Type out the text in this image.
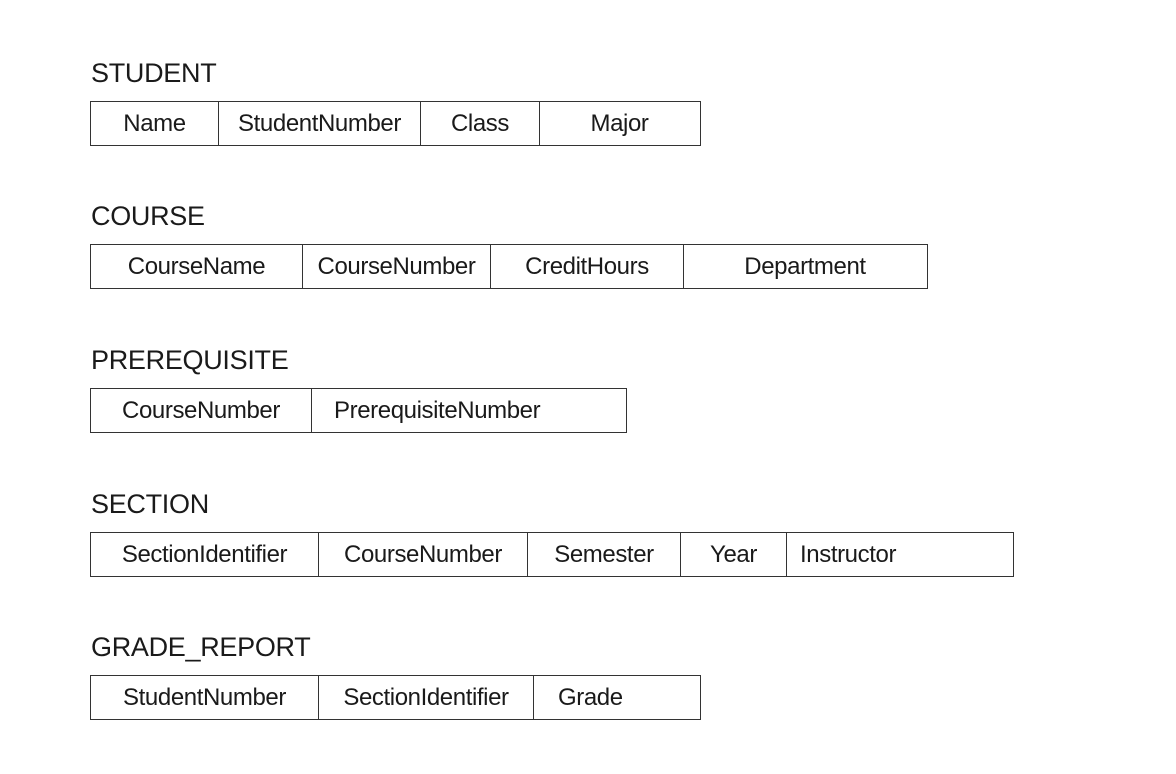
STUDENT
Name	StudentNumber	Class	Major
COURSE
CourseName	CourseNumber	CreditHours	Department
PREREQUISITE
CourseNumber	PrerequisiteNumber
SECTION
SectionIdentifier	CourseNumber	Semester	Year	Instructor
GRADE_REPORT
StudentNumber	SectionIdentifier	Grade
